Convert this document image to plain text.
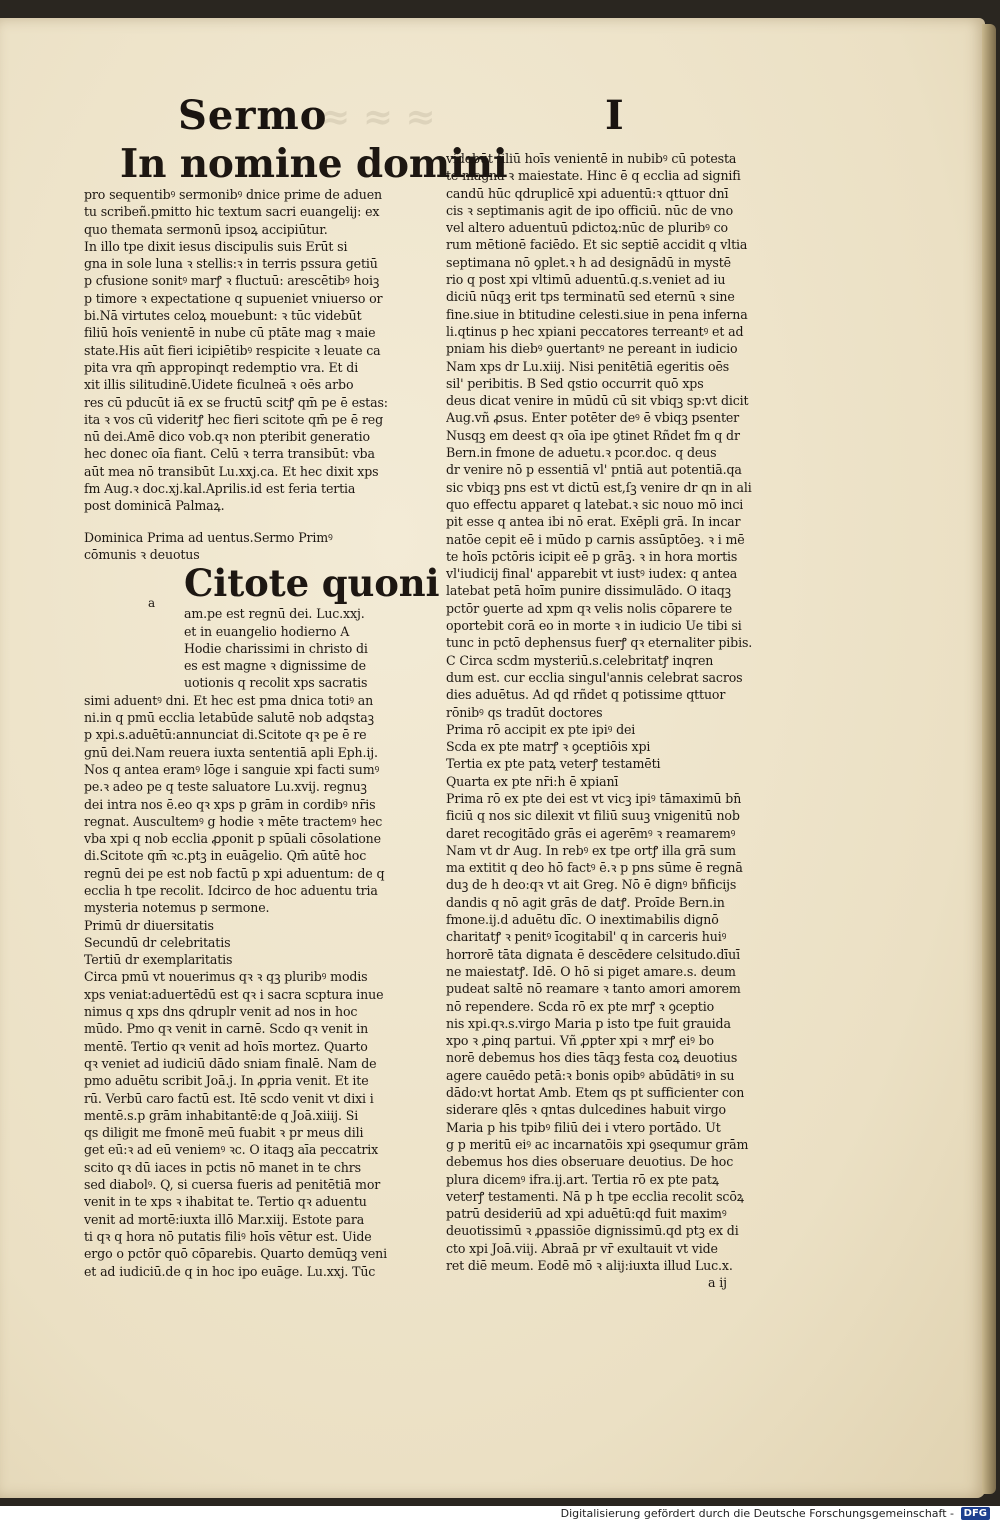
≈ ≈ ≈
Sermo	I
In nomine domini
pro sequentibꝰ sermonibꝰ dnice prime de aduen
tu scribeñ.pmitto hic textum sacri euangelij: ex
quo themata sermonū ipsoꝝ accipiūtur.
In illo tpe dixit iesus discipulis suis Erūt si
gna in sole luna ꝛ stellis:ꝛ in terris pssura getiū
p cfusione sonitꝰ marꝭ ꝛ fluctuū: arescētibꝰ hoiꝫ
p timore ꝛ expectatione q supueniet vniuerso or
bi.Nā virtutes celoꝝ mouebunt: ꝛ tūc videbūt
filiū hoīs venientē in nube cū ptāte mag ꝛ maie
state.His aūt fieri icipiētibꝰ respicite ꝛ leuate ca
pita vra qm̄ appropinqt redemptio vra. Et di
xit illis silitudinē.Uidete ficulneā ꝛ oēs arbo
res cū pducūt iā ex se fructū scitꝭ qm̄ pe ē estas:
ita ꝛ vos cū videritꝭ hec fieri scitote qm̄ pe ē reg
nū dei.Amē dico vob.qꝛ non pteribit generatio
hec donec oīa fiant. Celū ꝛ terra transibūt: vba
aūt mea nō transibūt Lu.xxj.ca. Et hec dixit xps
fm Aug.ꝛ doc.xj.kal.Aprilis.id est feria tertia
post dominicā Palmaꝝ.
Dominica Prima ad uentus.Sermo Primꝰ
cōmunis ꝛ deuotus
Citote quoni
am.pe est regnū dei. Luc.xxj.
et in euangelio hodierno A
Hodie charissimi in christo di
es est magne ꝛ dignissime de
uotionis q recolit xps sacratis
simi aduentꝰ dni. Et hec est pma dnica totiꝰ an
ni.in q pmū ecclia letabūde salutē nob adqstaꝫ
p xpi.s.aduētū:annunciat di.Scitote qꝛ pe ē re
gnū dei.Nam reuera iuxta sententiā apli Eph.ij.
Nos q antea eramꝰ lōge i sanguie xpi facti sumꝰ
pe.ꝛ adeo pe q teste saluatore Lu.xvij. regnuꝫ
dei intra nos ē.eo qꝛ xps p grām in cordibꝰ nr̄is
regnat. Auscultemꝰ g hodie ꝛ mēte tractemꝰ hec
vba xpi q nob ecclia ꝓponit p spūali cōsolatione
di.Scitote qm̄ ꝛc.ptꝫ in euāgelio. Qm̄ aūtē hoc
regnū dei pe est nob factū p xpi aduentum: de q
ecclia h tpe recolit. Idcirco de hoc aduentu tria
mysteria notemus p sermone.
Primū dr diuersitatis
Secundū dr celebritatis
Tertiū dr exemplaritatis
Circa pmū vt nouerimus qꝛ ꝛ qꝫ pluribꝰ modis
xps veniat:aduertēdū est qꝛ i sacra scptura inue
nimus q xps dns qdruplr venit ad nos in hoc
mūdo. Pmo qꝛ venit in carnē. Scdo qꝛ venit in
mentē. Tertio qꝛ venit ad hoīs mortez. Quarto
qꝛ veniet ad iudiciū dādo sniam finalē. Nam de
pmo aduētu scribit Joā.j. In ꝓpria venit. Et ite
rū. Verbū caro factū est. Itē scdo venit vt dixi i
mentē.s.p grām inhabitantē:de q Joā.xiiij. Si
qs diligit me fmonē meū fuabit ꝛ pr meus dili
get eū:ꝛ ad eū veniemꝰ ꝛc. O itaqꝫ aīa peccatrix
scito qꝛ dū iaces in pctis nō manet in te chrs
sed diabolꝰ. Q, si cuersa fueris ad penitētiā mor
venit in te xps ꝛ ihabitat te. Tertio qꝛ aduentu
venit ad mortē:iuxta illō Mar.xiij. Estote para
ti qꝛ q hora nō putatis filiꝰ hoīs vētur est. Uide
ergo o pctōr quō cōparebis. Quarto demūqꝫ veni
et ad iudiciū.de q in hoc ipo euāge. Lu.xxj. Tūc
videbūt filiū hoīs venientē in nubibꝰ cū potesta
te magna ꝛ maiestate. Hinc ē q ecclia ad signifi
candū hūc qdruplicē xpi aduentū:ꝛ qttuor dnī
cis ꝛ septimanis agit de ipo officiū. nūc de vno
vel altero aduentuū pdictoꝝ:nūc de pluribꝰ co
rum mētionē faciēdo. Et sic septiē accidit q vltia
septimana nō ꝯplet.ꝛ h ad designādū in mystē
rio q post xpi vltimū aduentū.q.s.veniet ad iu
diciū nūqꝫ erit tps terminatū sed eternū ꝛ sine
fine.siue in btitudine celesti.siue in pena inferna
li.qtinus p hec xpiani peccatores terreantꝰ et ad
pniam his diebꝰ ꝯuertantꝰ ne pereant in iudicio
Nam xps dr Lu.xiij. Nisi penitētiā egeritis oēs
sil' peribitis. B Sed qstio occurrit quō xps
deus dicat venire in mūdū cū sit vbiqꝫ sp:vt dicit
Aug.vñ ꝓsus. Enter potēter deꝰ ē vbiqꝫ psenter
Nusqꝫ em deest qꝛ oīa ipe ꝯtinet Rñdet fm q dr
Bern.in fmone de aduetu.ꝛ pcor.doc. q deus
dr venire nō p essentiā vl' pntiā aut potentiā.qa
sic vbiqꝫ pns est vt dictū est,ſꝫ venire dr qn in ali
quo effectu apparet q latebat.ꝛ sic nouo mō inci
pit esse q antea ibi nō erat. Exēpli grā. In incar
natōe cepit eē i mūdo p carnis assūptōeꝫ. ꝛ i mē
te hoīs pctōris icipit eē p grāꝫ. ꝛ in hora mortis
vl'iudicij final' apparebit vt iustꝰ iudex: q antea
latebat petā hoīm punire dissimulādo. O itaqꝫ
pctōr ꝯuerte ad xpm qꝛ velis nolis cōparere te
oportebit corā eo in morte ꝛ in iudicio Ue tibi si
tunc in pctō dephensus fuerꝭ qꝛ eternaliter pibis.
C Circa scdm mysteriū.s.celebritatꝭ inqren
dum est. cur ecclia singul'annis celebrat sacros
dies aduētus. Ad qd rñdet q potissime qttuor
rōnibꝰ qs tradūt doctores
Prima rō accipit ex pte ipiꝰ dei
Scda ex pte matrꝭ ꝛ ꝯceptiōis xpi
Tertia ex pte patꝝ veterꝭ testamēti
Quarta ex pte nr̄i:h ē xpianī
Prima rō ex pte dei est vt vicꝫ ipiꝰ tāmaximū bn̄
ficiū q nos sic dilexit vt filiū suuꝫ vnigenitū nob
daret recogitādo grās ei agerēmꝰ ꝛ reamaremꝰ
Nam vt dr Aug. In rebꝰ ex tpe ortꝭ illa grā sum
ma extitit q deo hō factꝰ ē.ꝛ p pns sūme ē regnā
duꝫ de h deo:qꝛ vt ait Greg. Nō ē dignꝰ bñficijs
dandis q nō agit grās de datꝭ. Proīde Bern.in
fmone.ij.d aduētu dīc. O inextimabilis dignō
charitatꝭ ꝛ penitꝰ īcogitabil' q in carceris huiꝰ
horrorē tāta dignata ē descēdere celsitudo.dīuī
ne maiestatꝭ. Idē. O hō si piget amare.s. deum
pudeat saltē nō reamare ꝛ tanto amori amorem
nō rependere. Scda rō ex pte mrꝭ ꝛ ꝯceptio
nis xpi.qꝛ.s.virgo Maria p isto tpe fuit grauida
xpo ꝛ ꝓinq partui. Vñ ꝓpter xpi ꝛ mrꝭ eiꝰ bo
norē debemus hos dies tāqꝫ festa coꝝ deuotius
agere cauēdo petā:ꝛ bonis opibꝰ abūdātiꝰ in su
dādo:vt hortat Amb. Etem qs pt sufficienter con
siderare qlēs ꝛ qntas dulcedines habuit virgo
Maria p his tpibꝰ filiū dei i vtero portādo. Ut
g p meritū eiꝰ ac incarnatōis xpi ꝯsequmur grām
debemus hos dies obseruare deuotius. De hoc
plura dicemꝰ ifra.ij.art. Tertia rō ex pte patꝝ
veterꝭ testamenti. Nā p h tpe ecclia recolit scōꝝ
patrū desideriū ad xpi aduētū:qd fuit maximꝰ
deuotissimū ꝛ ꝓpassiōe dignissimū.qd ptꝫ ex di
cto xpi Joā.viij. Abraā pr vr̄ exultauit vt vide
ret diē meum. Eodē mō ꝛ alij:iuxta illud Luc.x.
a ij
a
Digitalisierung gefördert durch die Deutsche Forschungsgemeinschaft - DFG
